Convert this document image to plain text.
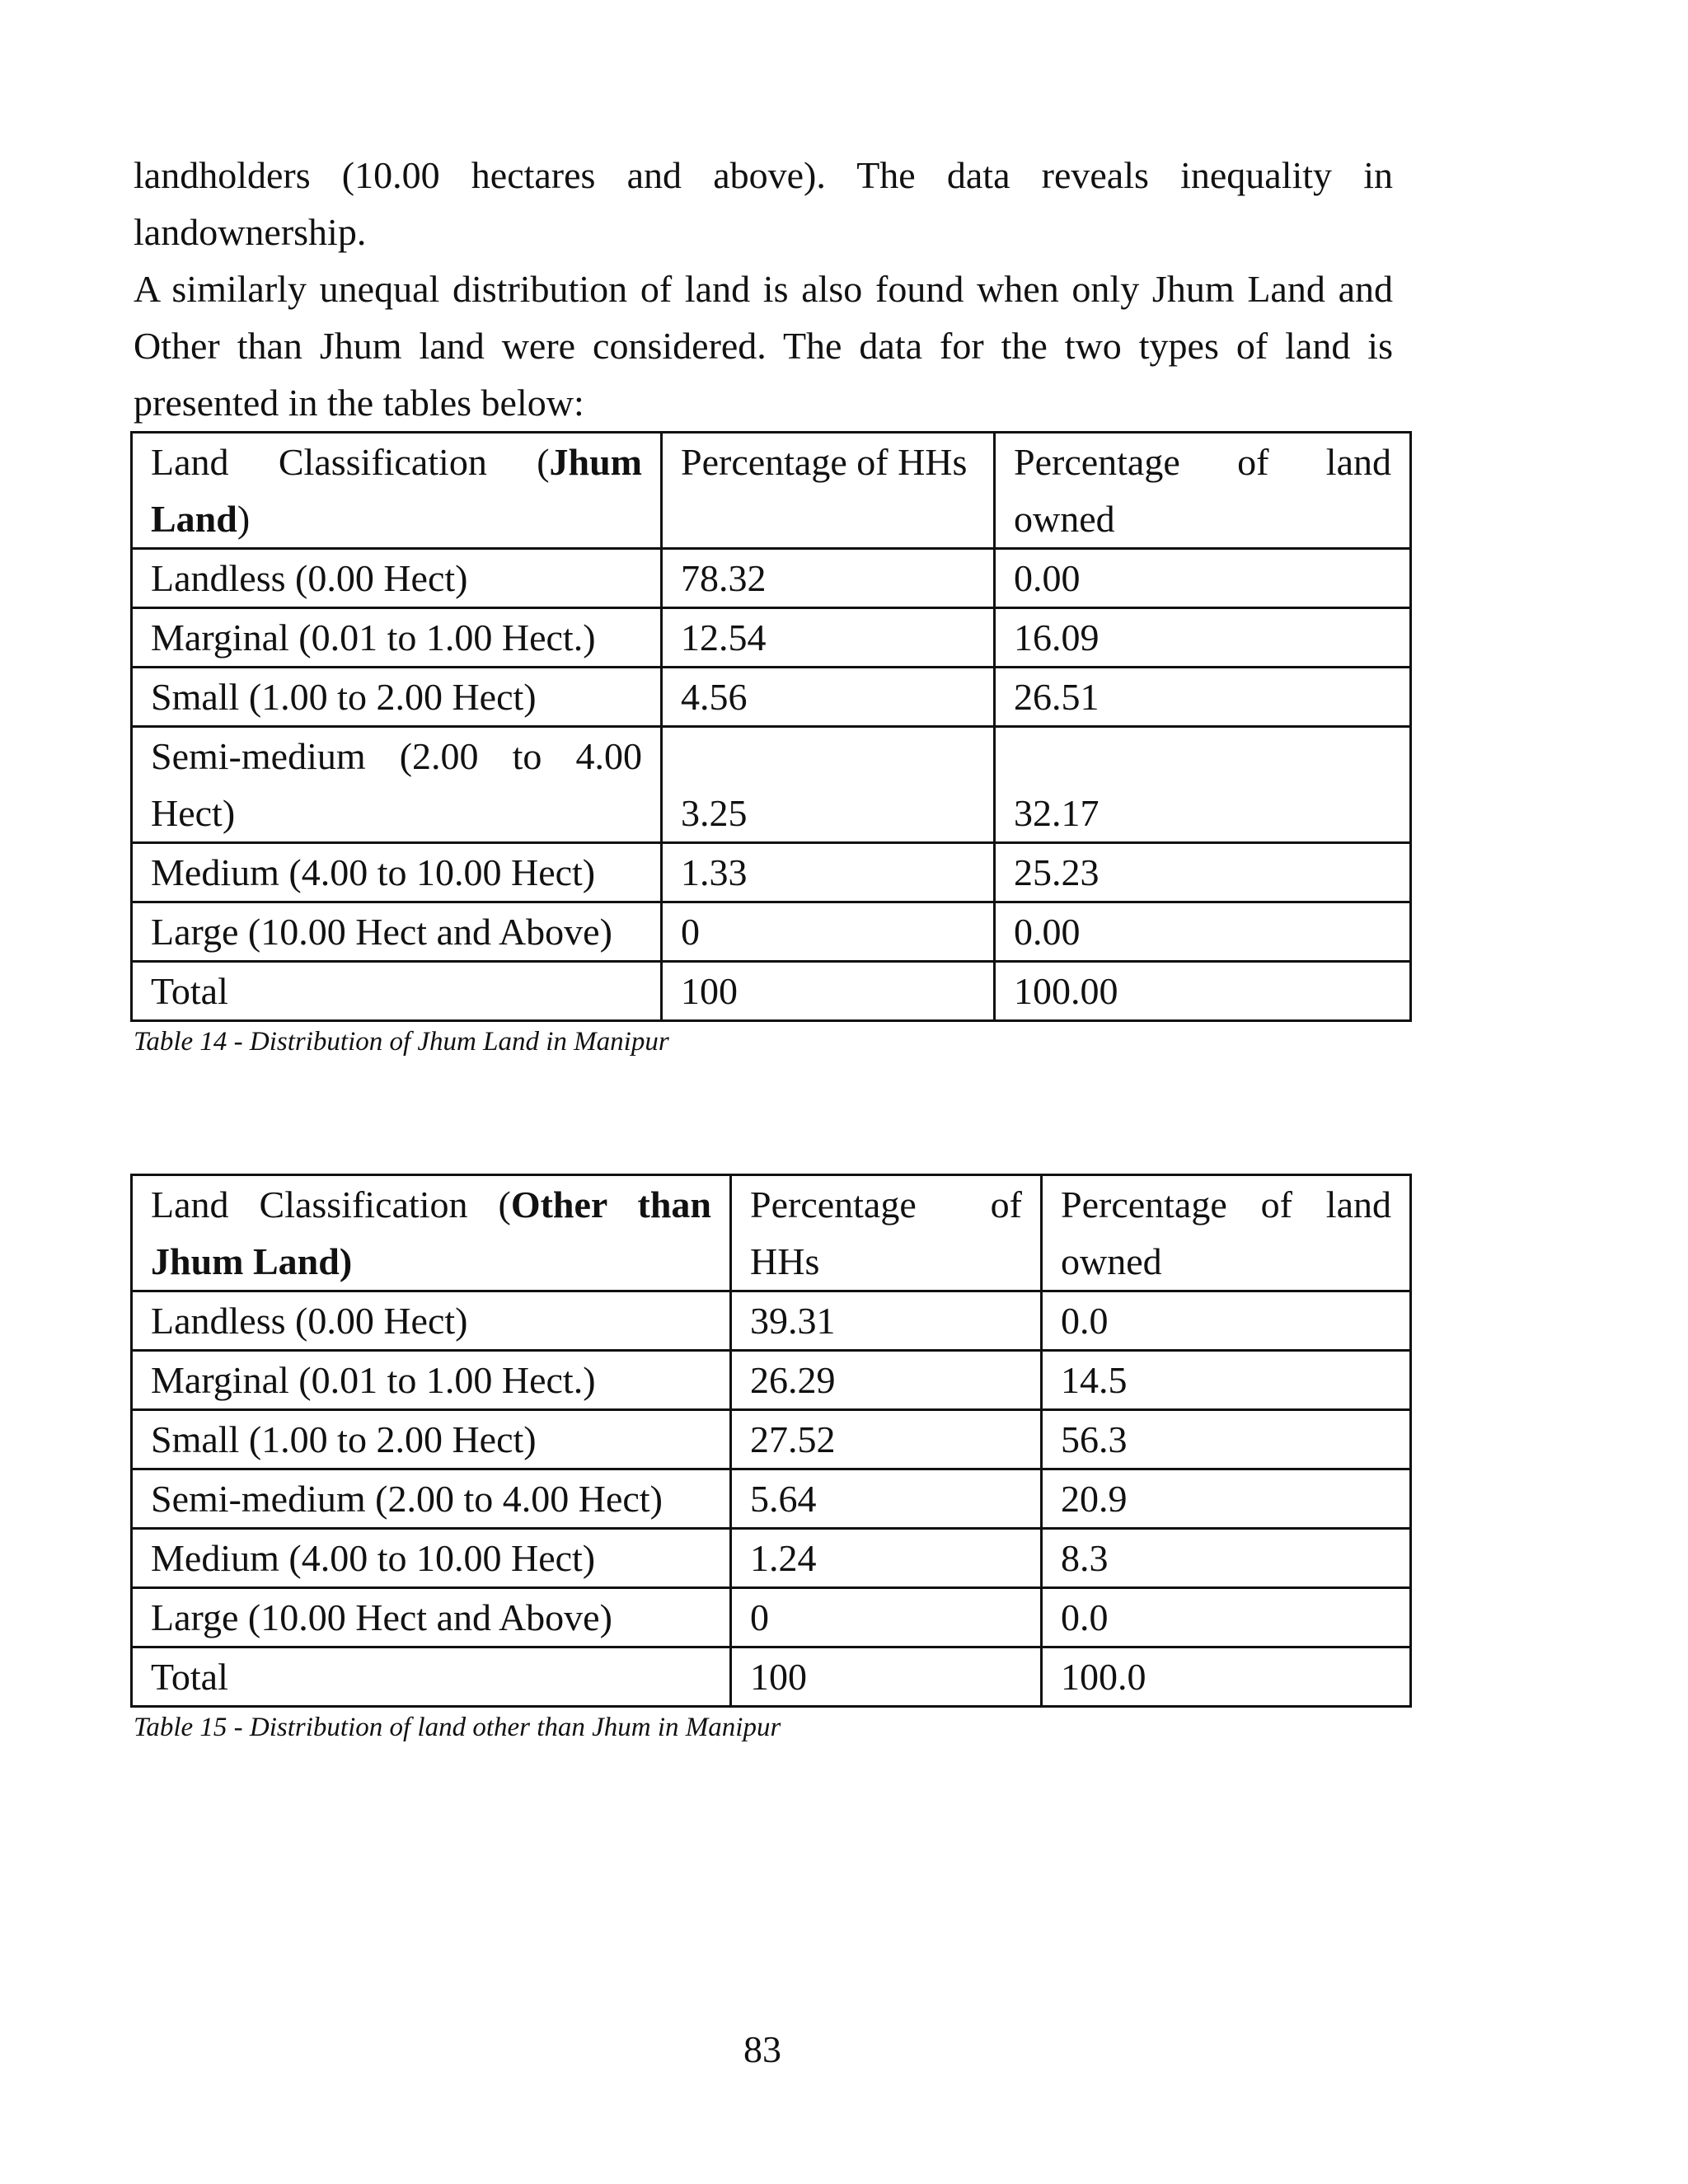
landholders (10.00 hectares and above). The data reveals inequality in landownership.

A similarly unequal distribution of land is also found when only Jhum Land and Other than Jhum land were considered. The data for the two types of land is presented in the tables below:

Land Classification (Jhum Land)	Percentage of HHs	Percentage of land owned
Landless (0.00 Hect)	78.32	0.00
Marginal (0.01 to 1.00 Hect.)	12.54	16.09
Small (1.00 to 2.00 Hect)	4.56	26.51
Semi-medium (2.00 to 4.00 Hect)	3.25	32.17
Medium (4.00 to 10.00 Hect)	1.33	25.23
Large (10.00 Hect and Above)	0	0.00
Total	100	100.00

Table 14 - Distribution of Jhum Land in Manipur

Land Classification (Other than Jhum Land)	Percentage of HHs	Percentage of land owned
Landless (0.00 Hect)	39.31	0.0
Marginal (0.01 to 1.00 Hect.)	26.29	14.5
Small (1.00 to 2.00 Hect)	27.52	56.3
Semi-medium (2.00 to 4.00 Hect)	5.64	20.9
Medium (4.00 to 10.00 Hect)	1.24	8.3
Large (10.00 Hect and Above)	0	0.0
Total	100	100.0

Table 15 - Distribution of land other than Jhum in Manipur

83
